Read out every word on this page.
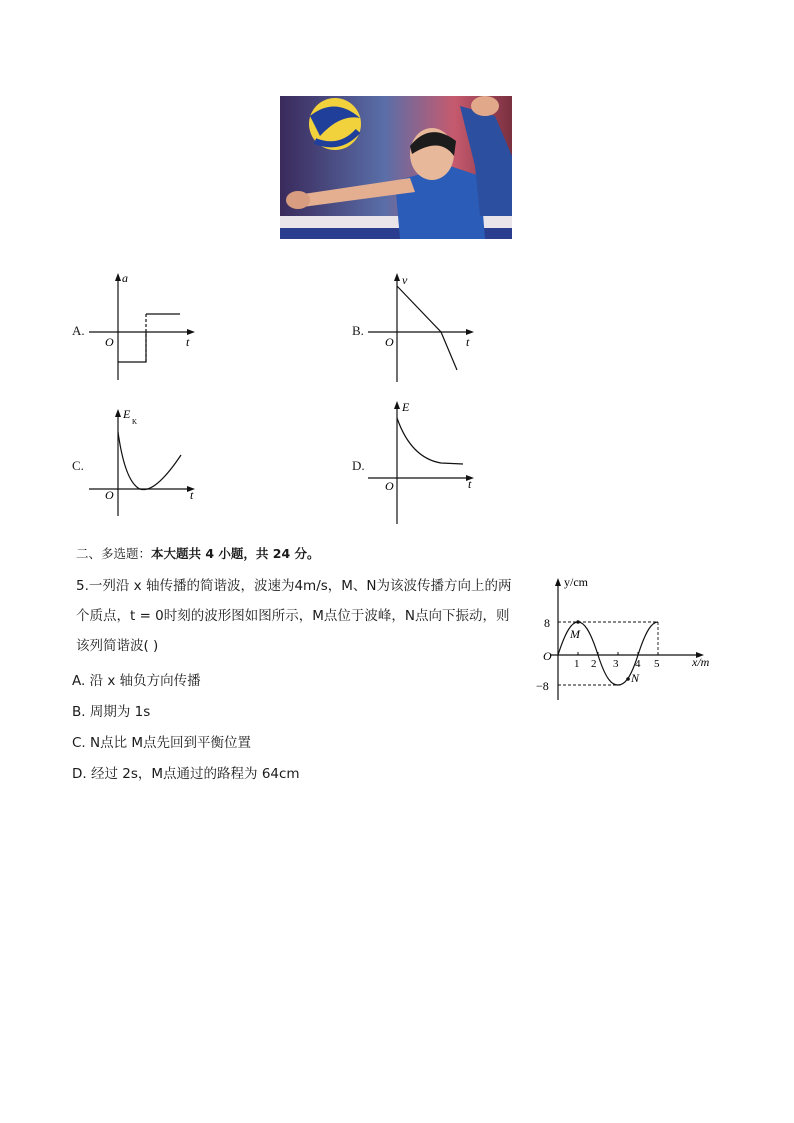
A.
a
t
O
B.
v
t
O
C.
E
K
t
O
D.
E
t
O
二、多选题：本大题共 4 小题，共 24 分。
5.一列沿 x 轴传播的简谐波，波速为4m/s，M、N为该波传播方向上的两
个质点，t = 0时刻的波形图如图所示，M点位于波峰，N点向下振动，则
该列简谐波( )
A. 沿 x 轴负方向传播
B. 周期为 1s
C. N点比 M点先回到平衡位置
D. 经过 2s，M点通过的路程为 64cm
y/cm
x/m
O
8
−8
1 2 3 4 5
M
N
